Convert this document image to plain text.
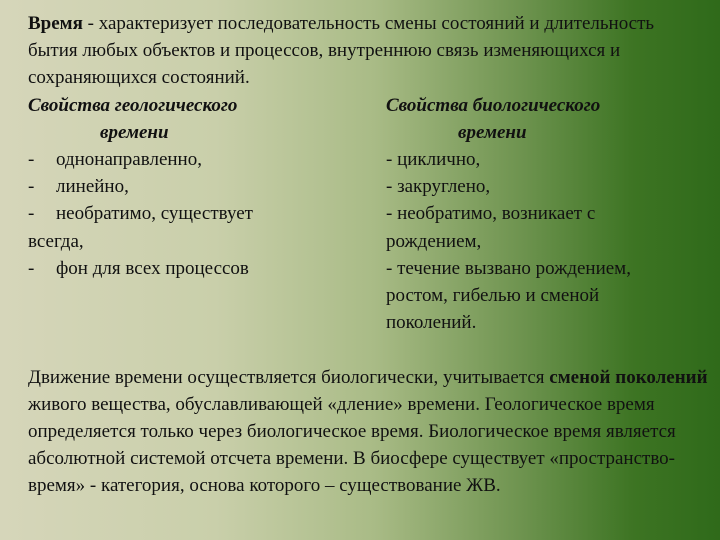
Время - характеризует последовательность смены состояний и длительность бытия любых объектов и процессов, внутреннюю связь изменяющихся и сохраняющихся состояний.

Свойства геологического
времени
- однонаправленно,
- линейно,
- необратимо, существует
всегда,
- фон для всех процессов
Свойства биологического
времени
- циклично,
- закруглено,
- необратимо, возникает с
рождением,
- течение вызвано рождением,
ростом, гибелью и сменой
поколений.

Движение времени осуществляется биологически, учитывается сменой поколений живого вещества, обуславливающей «дление» времени. Геологическое время определяется только через биологическое время. Биологическое время является абсолютной системой отсчета времени. В биосфере существует «пространство-время» - категория, основа которого – существование ЖВ.
